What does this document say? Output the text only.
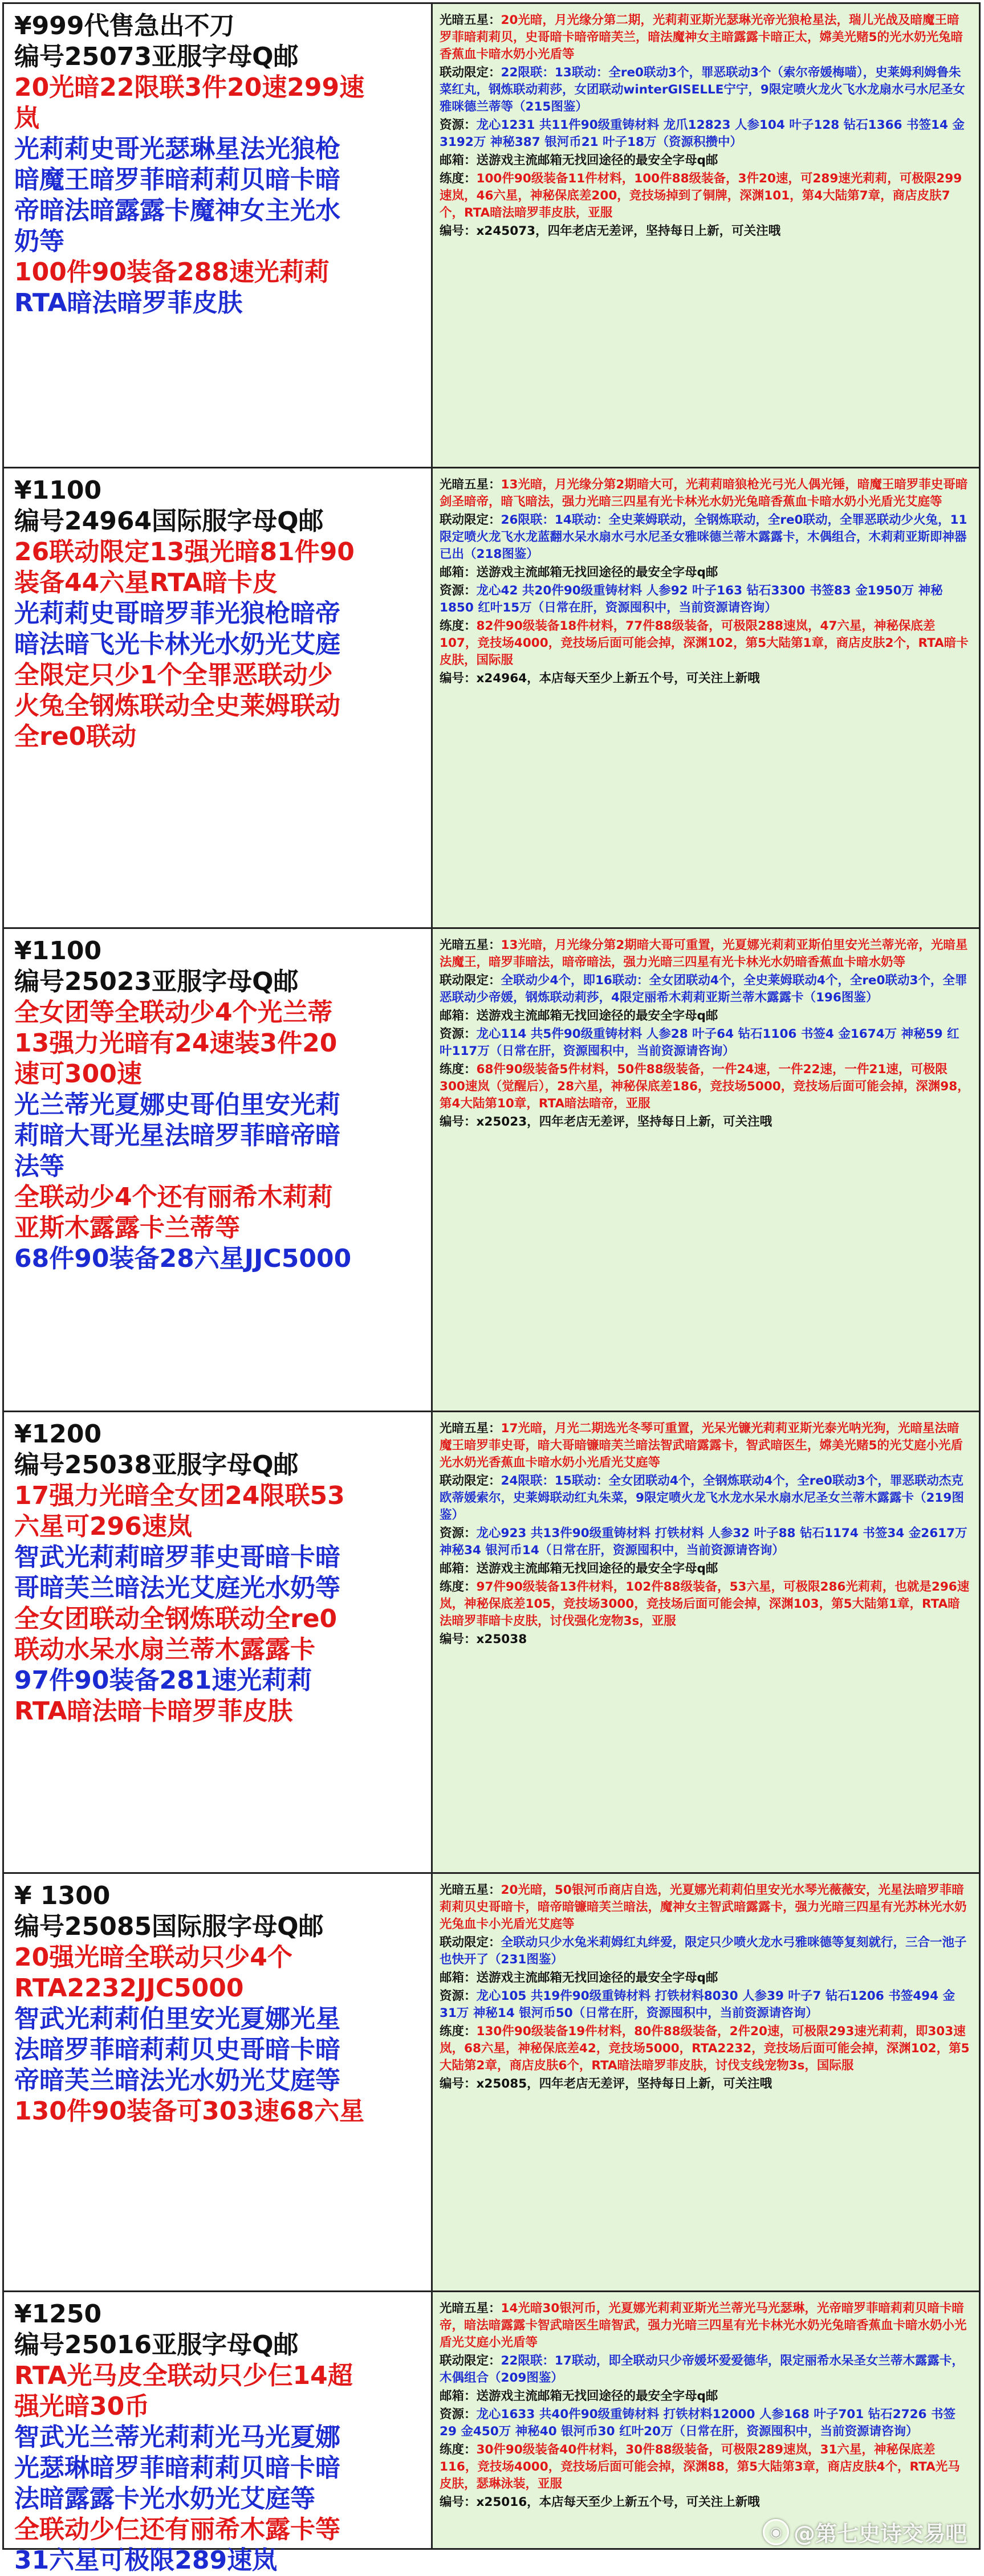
¥999代售急出不刀
编号25073亚服字母Q邮
20光暗22限联3件20速299速
岚
光莉莉史哥光瑟琳星法光狼枪
暗魔王暗罗菲暗莉莉贝暗卡暗
帝暗法暗露露卡魔神女主光水
奶等
100件90装备288速光莉莉
RTA暗法暗罗菲皮肤

光暗五星：20光暗，月光缘分第二期，光莉莉亚斯光瑟琳光帝光狼枪星法，瑞儿光战及暗魔王暗罗菲暗莉莉贝，史哥暗卡暗帝暗芙兰，暗法魔神女主暗露露卡暗正太，嫦美光赌5的光水奶光兔暗香蕉血卡暗水奶小光盾等

联动限定：22限联：13联动：全re0联动3个，罪恶联动3个（索尔帝媛梅喵），史莱姆利姆鲁朱菜红丸，钢炼联动莉莎，女团联动winterGISELLE宁宁，9限定喷火龙火飞水龙扇水弓水尼圣女雅咪德兰蒂等（215图鉴）

资源：龙心1231 共11件90级重铸材料 龙爪12823 人参104 叶子128 钻石1366 书签14 金3192万 神秘387 银河币21 叶子18万（资源积攒中）

邮箱：送游戏主流邮箱无找回途径的最安全字母q邮

练度：100件90级装备11件材料，100件88级装备，3件20速，可289速光莉莉，可极限299速岚，46六星，神秘保底差200，竞技场掉到了铜牌，深渊101，第4大陆第7章，商店皮肤7个，RTA暗法暗罗菲皮肤，亚服

编号：x245073，四年老店无差评，坚持每日上新，可关注哦

¥1100
编号24964国际服字母Q邮
26联动限定13强光暗81件90
装备44六星RTA暗卡皮
光莉莉史哥暗罗菲光狼枪暗帝
暗法暗飞光卡林光水奶光艾庭
全限定只少1个全罪恶联动少
火兔全钢炼联动全史莱姆联动
全re0联动

光暗五星：13光暗，月光缘分第2期暗大可，光莉莉暗狼枪光弓光人偶光锤，暗魔王暗罗菲史哥暗剑圣暗帝，暗飞暗法，强力光暗三四星有光卡林光水奶光兔暗香蕉血卡暗水奶小光盾光艾庭等

联动限定：26限联：14联动：全史莱姆联动，全钢炼联动，全re0联动，全罪恶联动少火兔，11限定喷火龙飞水龙蓝翻水呆水扇水弓水尼圣女雅咪德兰蒂木露露卡，木偶组合，木莉莉亚斯即神器已出（218图鉴）

邮箱：送游戏主流邮箱无找回途径的最安全字母q邮

资源：龙心42 共20件90级重铸材料 人参92 叶子163 钻石3300 书签83 金1950万 神秘1850 红叶15万（日常在肝，资源囤积中，当前资源请咨询）

练度：82件90级装备18件材料，77件88级装备，可极限288速岚，47六星，神秘保底差107，竞技场4000，竞技场后面可能会掉，深渊102，第5大陆第1章，商店皮肤2个，RTA暗卡皮肤，国际服

编号：x24964，本店每天至少上新五个号，可关注上新哦

¥1100
编号25023亚服字母Q邮
全女团等全联动少4个光兰蒂
13强力光暗有24速装3件20
速可300速
光兰蒂光夏娜史哥伯里安光莉
莉暗大哥光星法暗罗菲暗帝暗
法等
全联动少4个还有丽希木莉莉
亚斯木露露卡兰蒂等
68件90装备28六星JJC5000

光暗五星：13光暗，月光缘分第2期暗大哥可重置，光夏娜光莉莉亚斯伯里安光兰蒂光帝，光暗星法魔王，暗罗菲暗法，暗帝暗法，强力光暗三四星有光卡林光水奶暗香蕉血卡暗水奶等

联动限定：全联动少4个，即16联动：全女团联动4个，全史莱姆联动4个，全re0联动3个，全罪恶联动少帝媛，钢炼联动莉莎，4限定丽希木莉莉亚斯兰蒂木露露卡（196图鉴）

邮箱：送游戏主流邮箱无找回途径的最安全字母q邮

资源：龙心114 共5件90级重铸材料 人参28 叶子64 钻石1106 书签4 金1674万 神秘59 红叶117万（日常在肝，资源囤积中，当前资源请咨询）

练度：68件90级装备5件材料，50件88级装备，一件24速，一件22速，一件21速，可极限300速岚（觉醒后），28六星，神秘保底差186，竞技场5000，竞技场后面可能会掉，深渊98，第4大陆第10章，RTA暗法暗帝，亚服

编号：x25023，四年老店无差评，坚持每日上新，可关注哦

¥1200
编号25038亚服字母Q邮
17强力光暗全女团24限联53
六星可296速岚
智武光莉莉暗罗菲史哥暗卡暗
哥暗芙兰暗法光艾庭光水奶等
全女团联动全钢炼联动全re0
联动水呆水扇兰蒂木露露卡
97件90装备281速光莉莉
RTA暗法暗卡暗罗菲皮肤

光暗五星：17光暗，月光二期选光冬琴可重置，光呆光镰光莉莉亚斯光泰光呐光狗，光暗星法暗魔王暗罗菲史哥，暗大哥暗镰暗芙兰暗法智武暗露露卡，智武暗医生，嫦美光赌5的光艾庭小光盾光水奶光香蕉血卡暗水奶小光盾光艾庭等

联动限定：24限联：15联动：全女团联动4个，全钢炼联动4个，全re0联动3个，罪恶联动杰克欧蒂媛索尔，史莱姆联动红丸朱菜，9限定喷火龙飞水龙水呆水扇水尼圣女兰蒂木露露卡（219图鉴）

资源：龙心923 共13件90级重铸材料 打铁材料 人参32 叶子88 钻石1174 书签34 金2617万 神秘34 银河币14（日常在肝，资源囤积中，当前资源请咨询）

邮箱：送游戏主流邮箱无找回途径的最安全字母q邮

练度：97件90级装备13件材料，102件88级装备，53六星，可极限286光莉莉，也就是296速岚，神秘保底差105，竞技场3000，竞技场后面可能会掉，深渊103，第5大陆第1章，RTA暗法暗罗菲暗卡皮肤，讨伐强化宠物3s，亚服

编号：x25038

¥ 1300
编号25085国际服字母Q邮
20强光暗全联动只少4个
RTA2232JJC5000
智武光莉莉伯里安光夏娜光星
法暗罗菲暗莉莉贝史哥暗卡暗
帝暗芙兰暗法光水奶光艾庭等
130件90装备可303速68六星

光暗五星：20光暗，50银河币商店自选，光夏娜光莉莉伯里安光水琴光薇薇安，光星法暗罗菲暗莉莉贝史哥暗卡，暗帝暗镰暗芙兰暗法，魔神女主智武暗露露卡，强力光暗三四星有光苏林光水奶光兔血卡小光盾光艾庭等

联动限定：全联动只少水兔米莉姆红丸绊爱，限定只少喷火龙水弓雅咪德等复刻就行，三合一池子也快开了（231图鉴）

邮箱：送游戏主流邮箱无找回途径的最安全字母q邮

资源：龙心105 共19件90级重铸材料 打铁材料8030 人参39 叶子7 钻石1206 书签494 金31万 神秘14 银河币50（日常在肝，资源囤积中，当前资源请咨询）

练度：130件90级装备19件材料，80件88级装备，2件20速，可极限293速光莉莉，即303速岚，68六星，神秘保底差42，竞技场5000，RTA2232，竞技场后面可能会掉，深渊102，第5大陆第2章，商店皮肤6个，RTA暗法暗罗菲皮肤，讨伐支线宠物3s，国际服

编号：x25085，四年老店无差评，坚持每日上新，可关注哦

¥1250
编号25016亚服字母Q邮
RTA光马皮全联动只少仨14超
强光暗30币
智武光兰蒂光莉莉光马光夏娜
光瑟琳暗罗菲暗莉莉贝暗卡暗
法暗露露卡光水奶光艾庭等
全联动少仨还有丽希木露卡等
31六星可极限289速岚

光暗五星：14光暗30银河币，光夏娜光莉莉亚斯光兰蒂光马光瑟琳，光帝暗罗菲暗莉莉贝暗卡暗帝，暗法暗露露卡智武暗医生暗智武，强力光暗三四星有光卡林光水奶光兔暗香蕉血卡暗水奶小光盾光艾庭小光盾等

联动限定：22限联：17联动，即全联动只少帝媛坏爱爱德华，限定丽希水呆圣女兰蒂木露露卡，木偶组合（209图鉴）

邮箱：送游戏主流邮箱无找回途径的最安全字母q邮

资源：龙心1633 共40件90级重铸材料 打铁材料12000 人参168 叶子701 钻石2726 书签29 金450万 神秘40 银河币30 红叶20万（日常在肝，资源囤积中，当前资源请咨询）

练度：30件90级装备40件材料，30件88级装备，可极限289速岚，31六星，神秘保底差116，竞技场4000，竞技场后面可能会掉，深渊88，第5大陆第3章，商店皮肤4个，RTA光马皮肤，瑟琳泳装，亚服

编号：x25016，本店每天至少上新五个号，可关注上新哦

◉ @第七史诗交易吧
